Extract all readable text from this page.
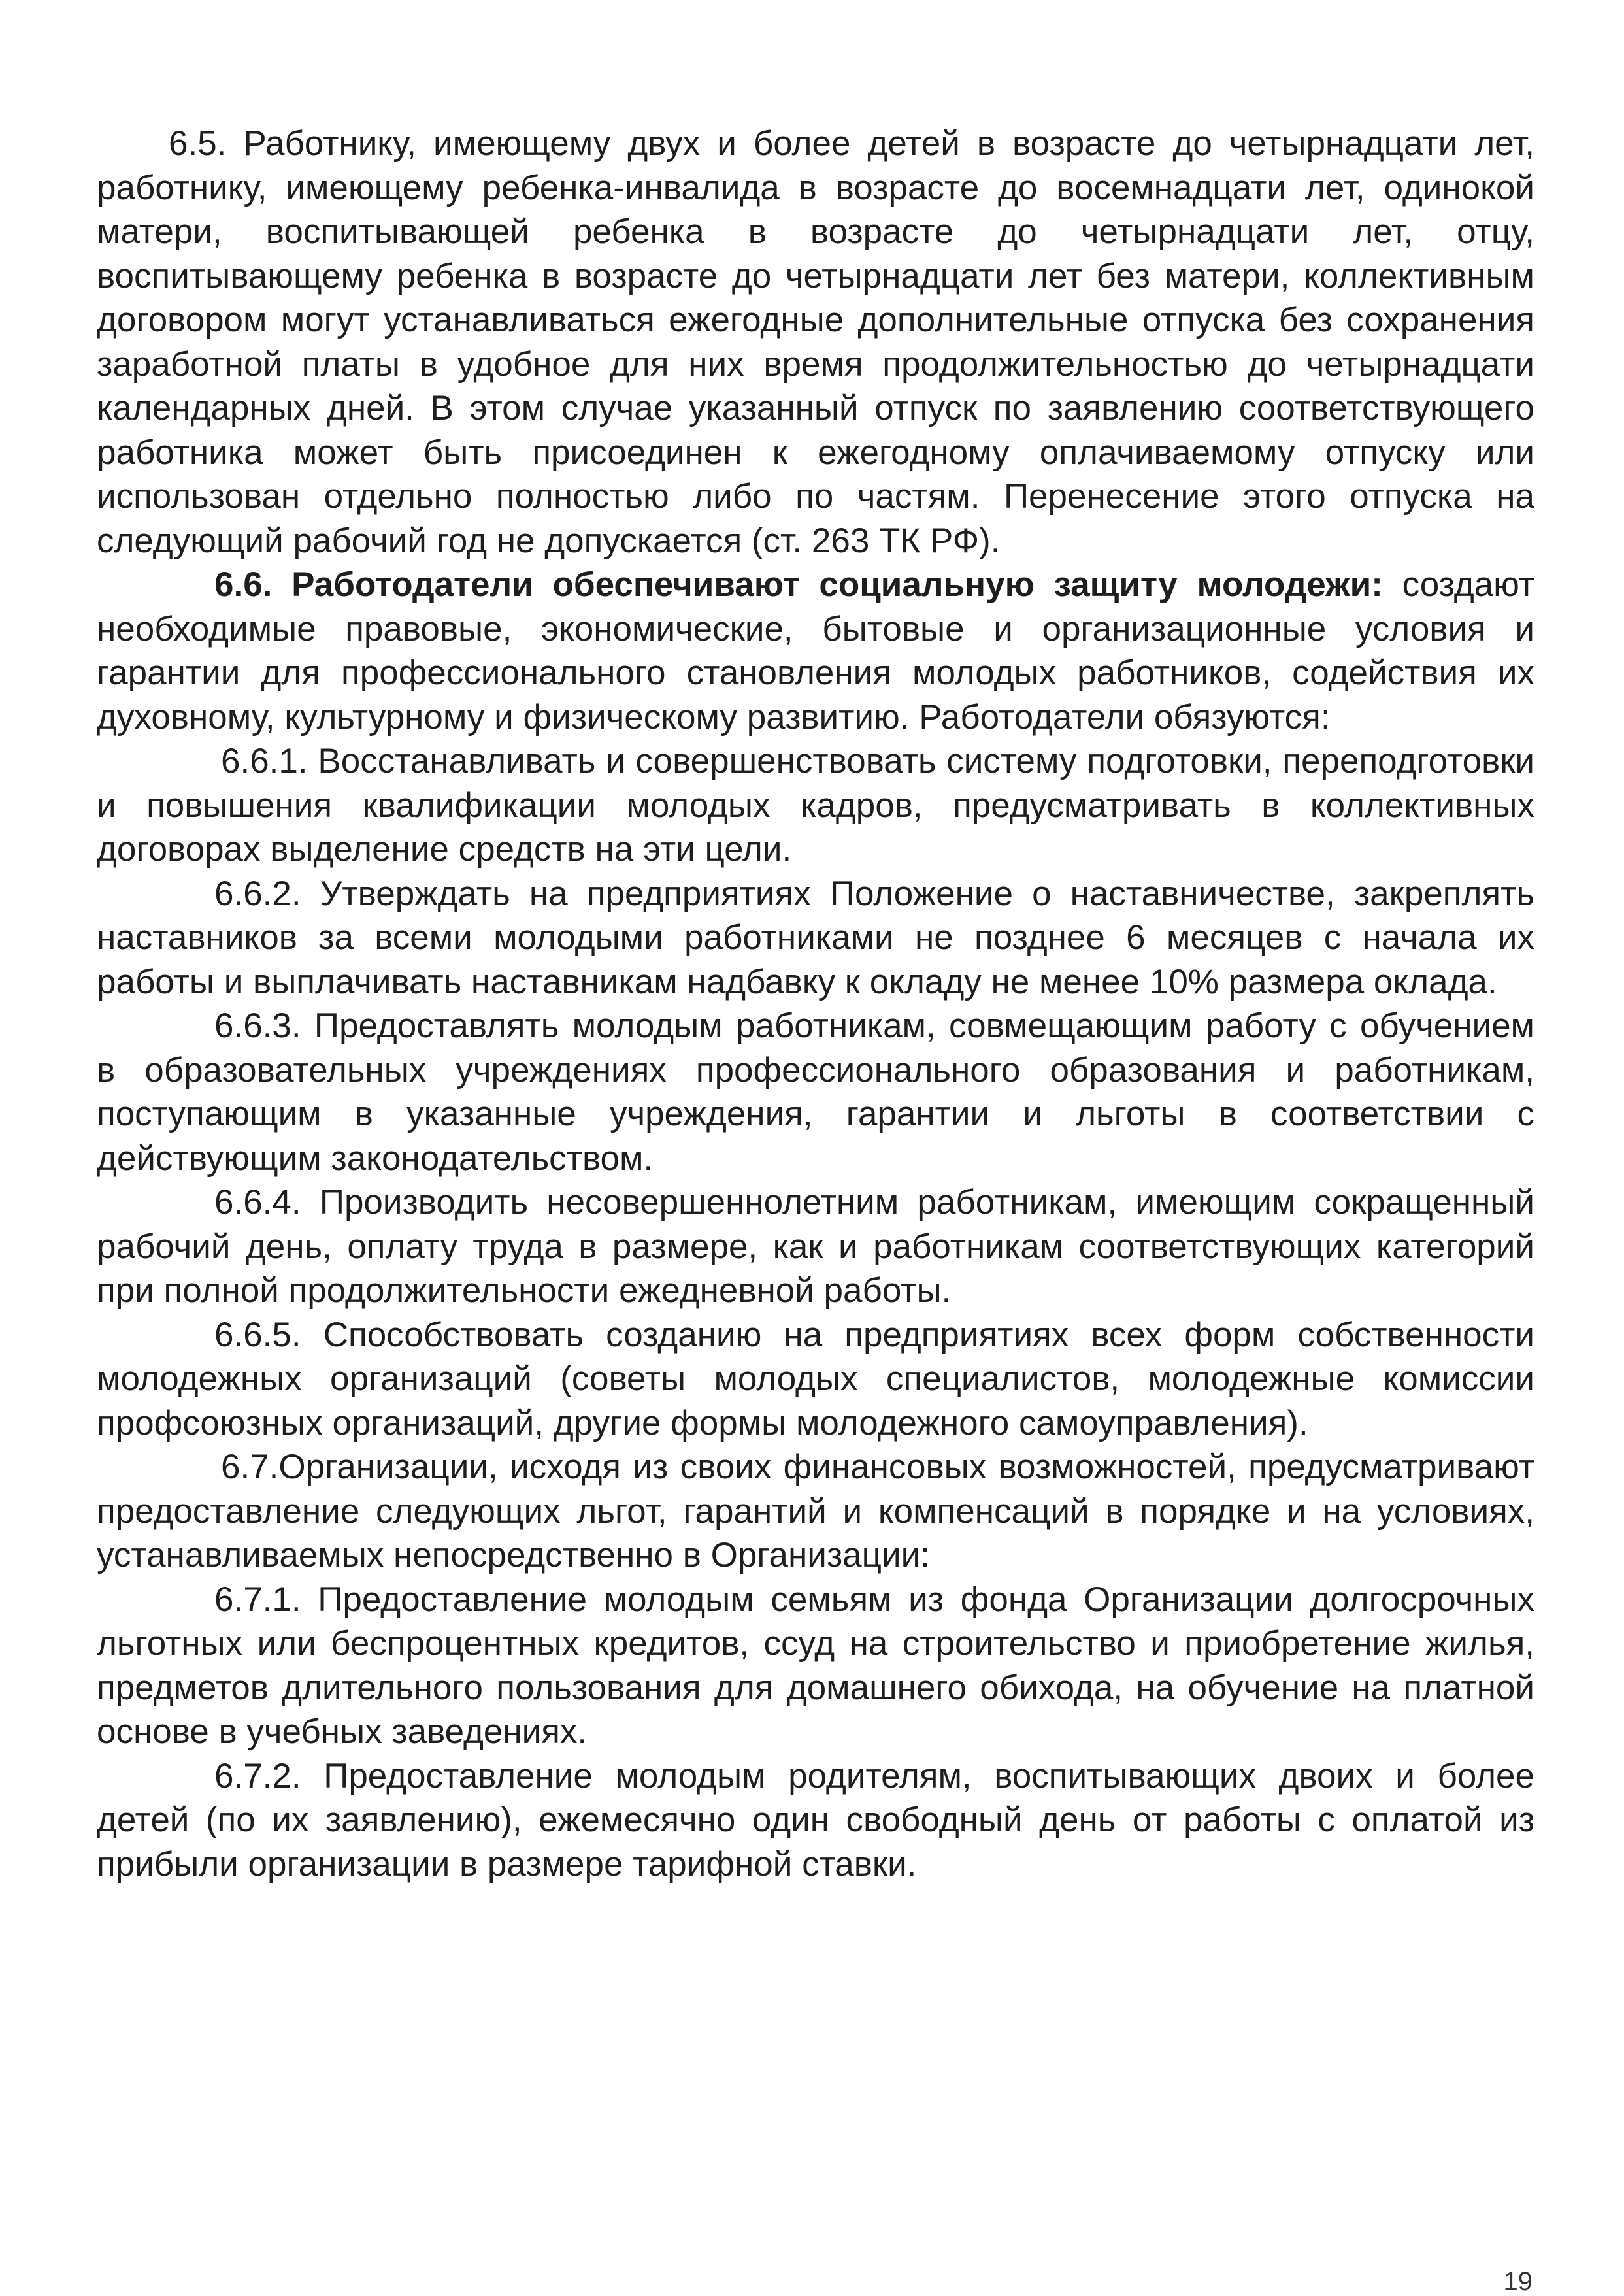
6.5. Работнику, имеющему двух и более детей в возрасте до четырнадцати лет, работнику, имеющему ребенка-инвалида в возрасте до восемнадцати лет, одинокой матери, воспитывающей ребенка в возрасте до четырнадцати лет, отцу, воспитывающему ребенка в возрасте до четырнадцати лет без матери, коллективным договором могут устанавливаться ежегодные дополнительные отпуска без сохранения заработной платы в удобное для них время продолжительностью до четырнадцати календарных дней. В этом случае указанный отпуск по заявлению соответствующего работника может быть присоединен к ежегодному оплачиваемому отпуску или использован отдельно полностью либо по частям. Перенесение этого отпуска на следующий рабочий год не допускается (ст. 263 ТК РФ).

6.6. Работодатели обеспечивают социальную защиту молодежи: создают необходимые правовые, экономические, бытовые и организационные условия и гарантии для профессионального становления молодых работников, содействия их духовному, культурному и физическому развитию. Работодатели обязуются:

6.6.1. Восстанавливать и совершенствовать систему подготовки, переподготовки и повышения квалификации молодых кадров, предусматривать в коллективных договорах выделение средств на эти цели.

6.6.2. Утверждать на предприятиях Положение о наставничестве, закреплять наставников за всеми молодыми работниками не позднее 6 месяцев с начала их работы и выплачивать наставникам надбавку к окладу не менее 10% размера оклада.

6.6.3. Предоставлять молодым работникам, совмещающим работу с обучением в образовательных учреждениях профессионального образования и работникам, поступающим в указанные учреждения, гарантии и льготы в соответствии с действующим законодательством.

6.6.4. Производить несовершеннолетним работникам, имеющим сокращенный рабочий день, оплату труда в размере, как и работникам соответствующих категорий при полной продолжительности ежедневной работы.

6.6.5. Способствовать созданию на предприятиях всех форм собственности молодежных организаций (советы молодых специалистов, молодежные комиссии профсоюзных организаций, другие формы молодежного самоуправления).

6.7.Организации, исходя из своих финансовых возможностей, предусматривают предоставление следующих льгот, гарантий и компенсаций в порядке и на условиях, устанавливаемых непосредственно в Организации:

6.7.1. Предоставление молодым семьям из фонда Организации долгосрочных льготных или беспроцентных кредитов, ссуд на строительство и приобретение жилья, предметов длительного пользования для домашнего обихода, на обучение на платной основе в учебных заведениях.

6.7.2. Предоставление молодым родителям, воспитывающих двоих и более детей (по их заявлению), ежемесячно один свободный день от работы с оплатой из прибыли организации в размере тарифной ставки.

19
